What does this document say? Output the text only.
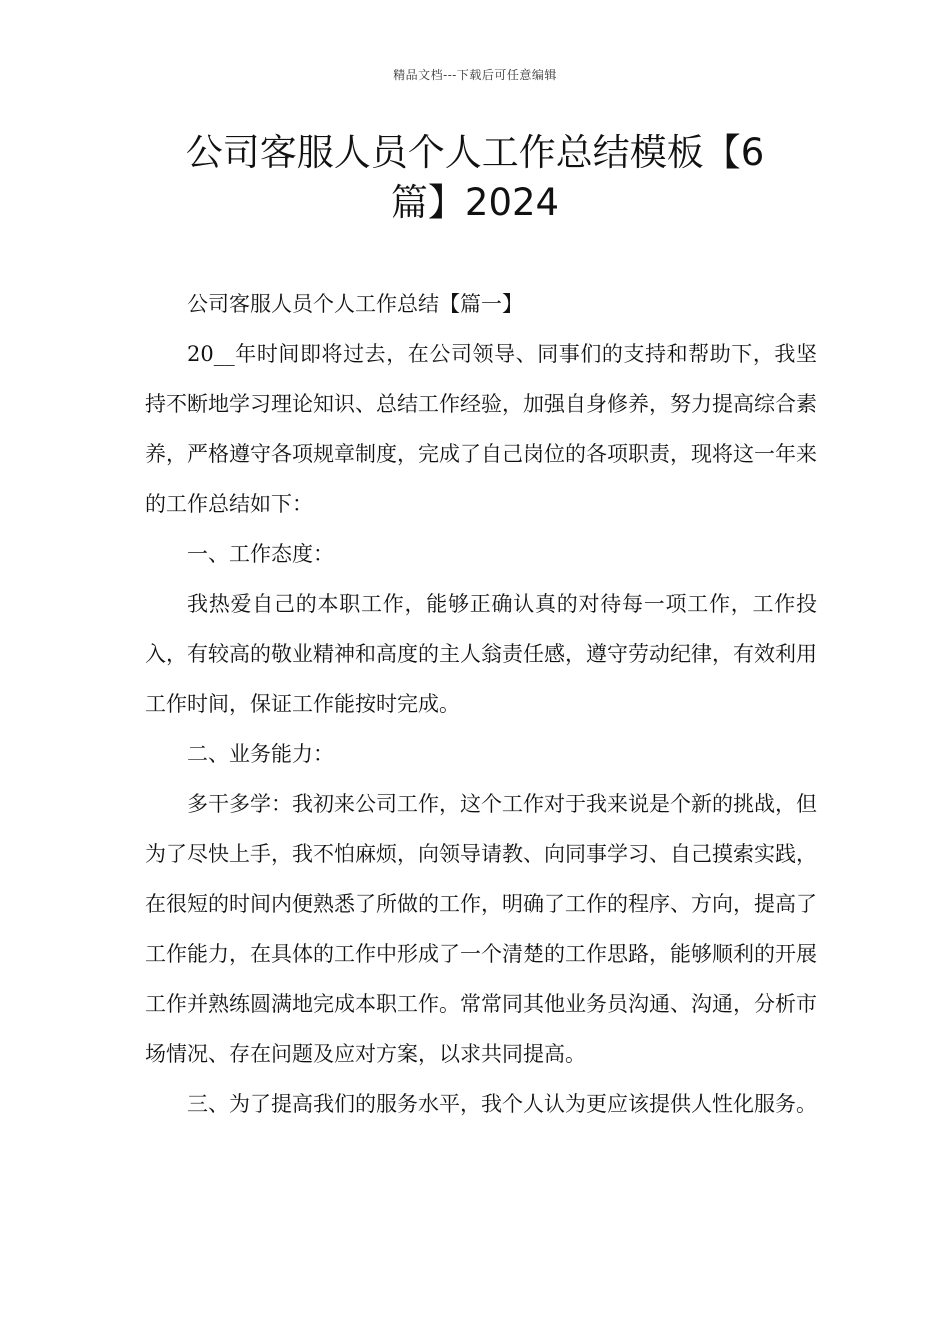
精品文档---下载后可任意编辑
公司客服人员个人工作总结模板【6
篇】2024

公司客服人员个人工作总结【篇一】

20__年时间即将过去，在公司领导、同事们的支持和帮助下，我坚持不断地学习理论知识、总结工作经验，加强自身修养，努力提高综合素养，严格遵守各项规章制度，完成了自己岗位的各项职责，现将这一年来的工作总结如下：

一、工作态度：

我热爱自己的本职工作，能够正确认真的对待每一项工作，工作投入，有较高的敬业精神和高度的主人翁责任感，遵守劳动纪律，有效利用工作时间，保证工作能按时完成。

二、业务能力：

多干多学：我初来公司工作，这个工作对于我来说是个新的挑战，但为了尽快上手，我不怕麻烦，向领导请教、向同事学习、自己摸索实践，在很短的时间内便熟悉了所做的工作，明确了工作的程序、方向，提高了工作能力，在具体的工作中形成了一个清楚的工作思路，能够顺利的开展工作并熟练圆满地完成本职工作。常常同其他业务员沟通、沟通，分析市场情况、存在问题及应对方案，以求共同提高。

三、为了提高我们的服务水平，我个人认为更应该提供人性化服务。
